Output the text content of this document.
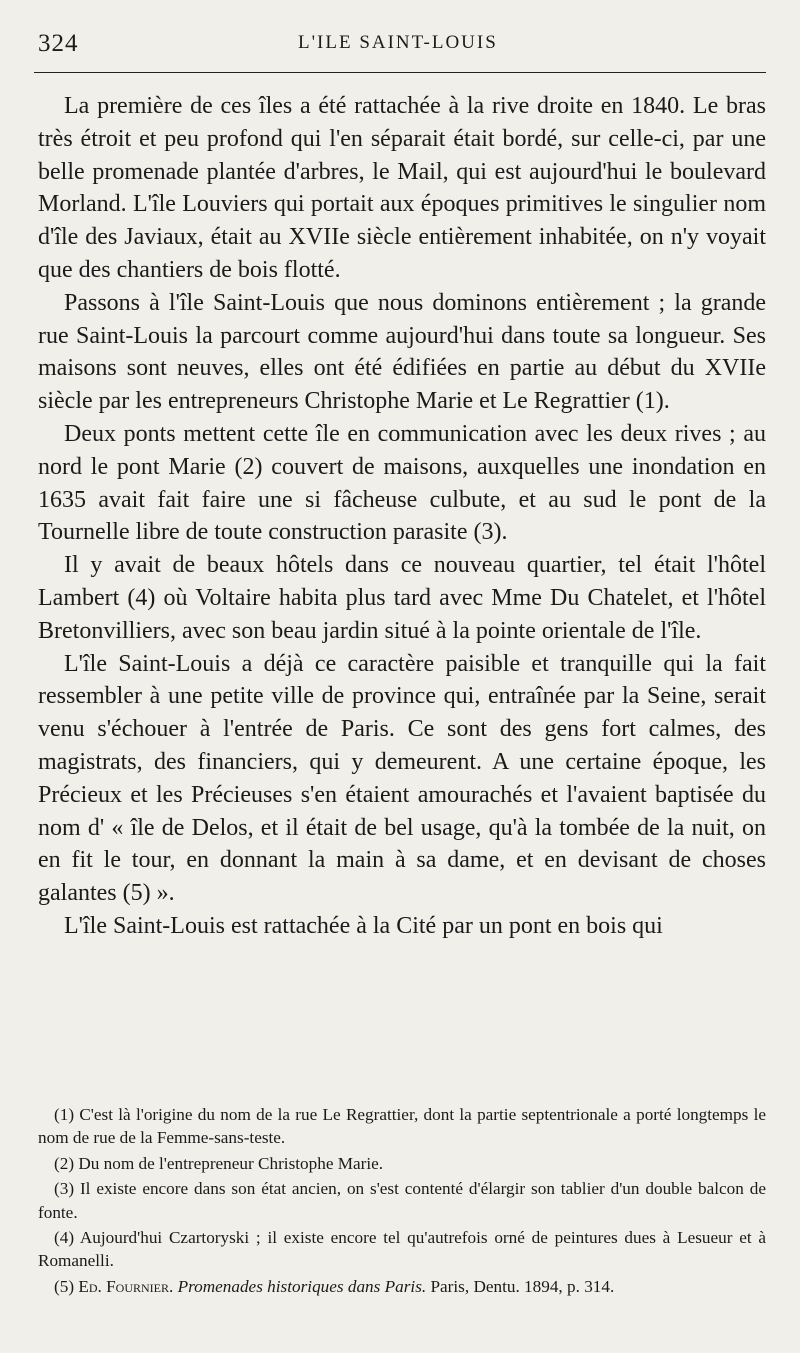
324	L'ILE SAINT-LOUIS

La première de ces îles a été rattachée à la rive droite en 1840. Le bras très étroit et peu profond qui l'en séparait était bordé, sur celle-ci, par une belle promenade plantée d'arbres, le Mail, qui est aujourd'hui le boulevard Morland. L'île Louviers qui portait aux époques primitives le singulier nom d'île des Javiaux, était au XVIIe siècle entièrement inhabitée, on n'y voyait que des chantiers de bois flotté.

Passons à l'île Saint-Louis que nous dominons entièrement ; la grande rue Saint-Louis la parcourt comme aujourd'hui dans toute sa longueur. Ses maisons sont neuves, elles ont été édifiées en partie au début du XVIIe siècle par les entrepreneurs Christophe Marie et Le Regrattier (1).

Deux ponts mettent cette île en communication avec les deux rives ; au nord le pont Marie (2) couvert de maisons, auxquelles une inondation en 1635 avait fait faire une si fâcheuse culbute, et au sud le pont de la Tournelle libre de toute construction parasite (3).

Il y avait de beaux hôtels dans ce nouveau quartier, tel était l'hôtel Lambert (4) où Voltaire habita plus tard avec Mme Du Chatelet, et l'hôtel Bretonvilliers, avec son beau jardin situé à la pointe orientale de l'île.

L'île Saint-Louis a déjà ce caractère paisible et tranquille qui la fait ressembler à une petite ville de province qui, entraînée par la Seine, serait venu s'échouer à l'entrée de Paris. Ce sont des gens fort calmes, des magistrats, des financiers, qui y demeurent. A une certaine époque, les Précieux et les Précieuses s'en étaient amourachés et l'avaient baptisée du nom d' « île de Delos, et il était de bel usage, qu'à la tombée de la nuit, on en fit le tour, en donnant la main à sa dame, et en devisant de choses galantes (5) ».

L'île Saint-Louis est rattachée à la Cité par un pont en bois qui

(1) C'est là l'origine du nom de la rue Le Regrattier, dont la partie septentrionale a porté longtemps le nom de rue de la Femme-sans-teste.

(2) Du nom de l'entrepreneur Christophe Marie.

(3) Il existe encore dans son état ancien, on s'est contenté d'élargir son tablier d'un double balcon de fonte.

(4) Aujourd'hui Czartoryski ; il existe encore tel qu'autrefois orné de peintures dues à Lesueur et à Romanelli.

(5) Ed. Fournier. Promenades historiques dans Paris. Paris, Dentu. 1894, p. 314.
